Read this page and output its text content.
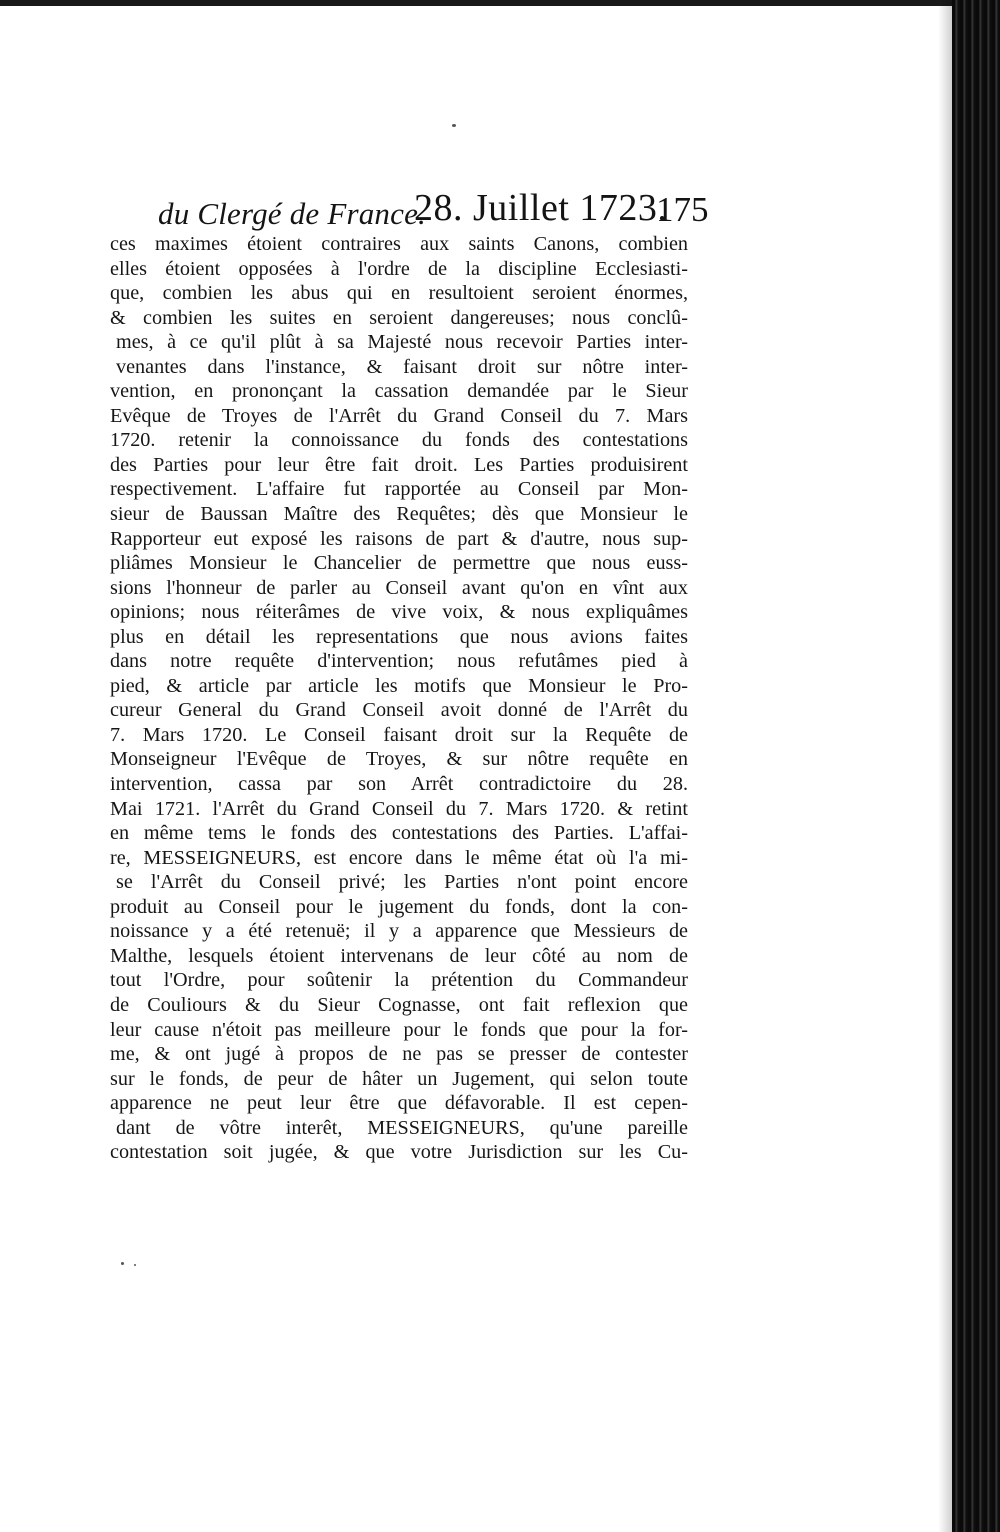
du Clergé de France.
28. Juillet 1723.
175
ces maximes étoient contraires aux saints Canons, combien
elles étoient opposées à l'ordre de la discipline Ecclesiasti-
que, combien les abus qui en resultoient seroient énormes,
& combien les suites en seroient dangereuses; nous conclû-
mes, à ce qu'il plût à sa Majesté nous recevoir Parties inter-
venantes dans l'instance, & faisant droit sur nôtre inter-
vention, en prononçant la cassation demandée par le Sieur
Evêque de Troyes de l'Arrêt du Grand Conseil du 7. Mars
1720. retenir la connoissance du fonds des contestations
des Parties pour leur être fait droit. Les Parties produisirent
respectivement. L'affaire fut rapportée au Conseil par Mon-
sieur de Baussan Maître des Requêtes; dès que Monsieur le
Rapporteur eut exposé les raisons de part & d'autre, nous sup-
pliâmes Monsieur le Chancelier de permettre que nous euss-
sions l'honneur de parler au Conseil avant qu'on en vînt aux
opinions; nous réiterâmes de vive voix, & nous expliquâmes
plus en détail les representations que nous avions faites
dans notre requête d'intervention; nous refutâmes pied à
pied, & article par article les motifs que Monsieur le Pro-
cureur General du Grand Conseil avoit donné de l'Arrêt du
7. Mars 1720. Le Conseil faisant droit sur la Requête de
Monseigneur l'Evêque de Troyes, & sur nôtre requête en
intervention, cassa par son Arrêt contradictoire du 28.
Mai 1721. l'Arrêt du Grand Conseil du 7. Mars 1720. & retint
en même tems le fonds des contestations des Parties. L'affai-
re, MESSEIGNEURS, est encore dans le même état où l'a mi-
se l'Arrêt du Conseil privé; les Parties n'ont point encore
produit au Conseil pour le jugement du fonds, dont la con-
noissance y a été retenuë; il y a apparence que Messieurs de
Malthe, lesquels étoient intervenans de leur côté au nom de
tout l'Ordre, pour soûtenir la prétention du Commandeur
de Couliours & du Sieur Cognasse, ont fait reflexion que
leur cause n'étoit pas meilleure pour le fonds que pour la for-
me, & ont jugé à propos de ne pas se presser de contester
sur le fonds, de peur de hâter un Jugement, qui selon toute
apparence ne peut leur être que défavorable. Il est cepen-
dant de vôtre interêt, MESSEIGNEURS, qu'une pareille
contestation soit jugée, & que votre Jurisdiction sur les Cu-
